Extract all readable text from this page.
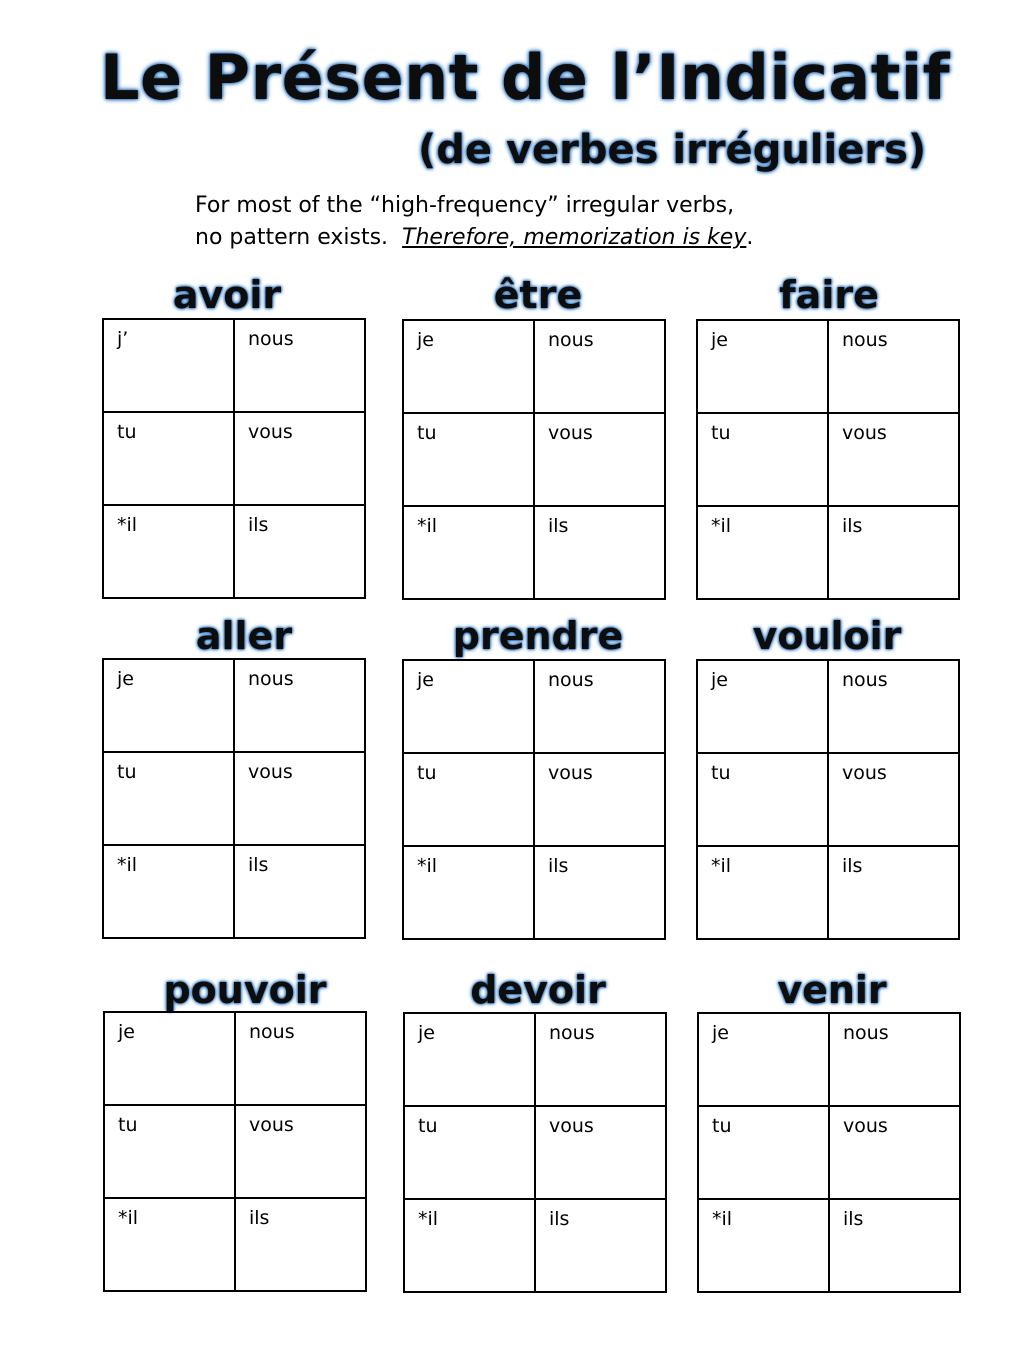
Le Présent de l’Indicatif
(de verbes irréguliers)
For most of the “high-frequency” irregular verbs,
no pattern exists.  Therefore, memorization is key.
avoir
j’	nous
tu	vous
*il	ils
être
je	nous
tu	vous
*il	ils
faire
je	nous
tu	vous
*il	ils
aller
je	nous
tu	vous
*il	ils
prendre
je	nous
tu	vous
*il	ils
vouloir
je	nous
tu	vous
*il	ils
pouvoir
je	nous
tu	vous
*il	ils
devoir
je	nous
tu	vous
*il	ils
venir
je	nous
tu	vous
*il	ils
